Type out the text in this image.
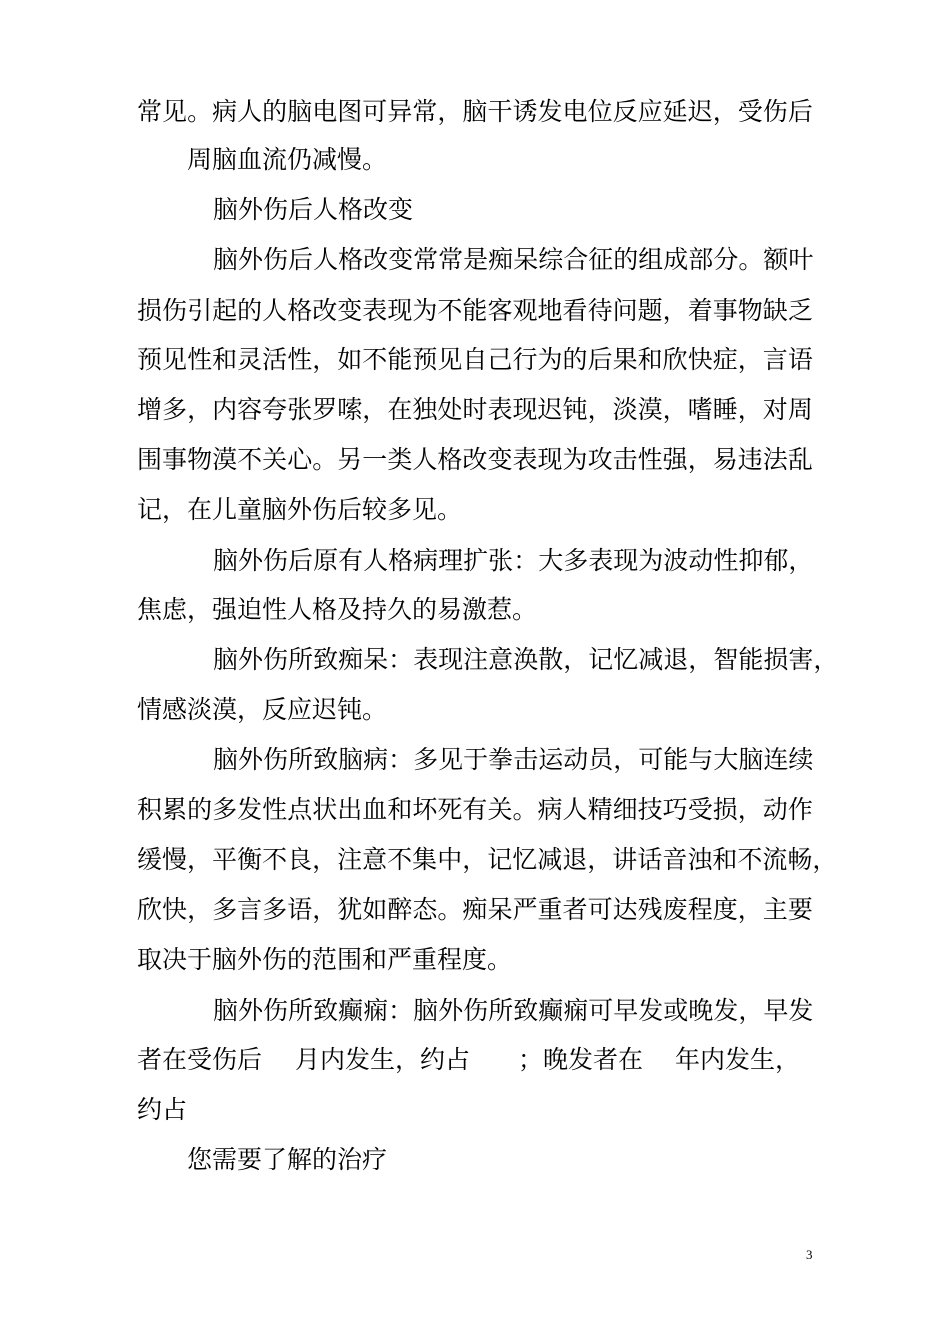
常 见 。 病 人 的 脑 电 图 可 异 常 ， 脑 干 诱 发 电 位 反 应 延 迟 ， 受 伤 后
周脑血流仍减慢。
脑外伤后人格改变
脑 外 伤 后 人 格 改 变 常 常 是 痴 呆 综 合 征 的 组 成 部 分 。 额 叶
损 伤 引 起 的 人 格 改 变 表 现 为 不 能 客 观 地 看 待 问 题 ， 着 事 物 缺 乏
预 见 性 和 灵 活 性 ， 如 不 能 预 见 自 己 行 为 的 后 果 和 欣 快 症 ， 言 语
增 多 ， 内 容 夸 张 罗 嗦 ， 在 独 处 时 表 现 迟 钝 ， 淡 漠 ， 嗜 睡 ， 对 周
围 事 物 漠 不 关 心 。 另 一 类 人 格 改 变 表 现 为 攻 击 性 强 ， 易 违 法 乱
记，在儿童脑外伤后较多见。
脑 外 伤 后 原 有 人 格 病 理 扩 张 ： 大 多 表 现 为 波 动 性 抑 郁 ，
焦虑，强迫性人格及持久的易激惹。
脑 外 伤 所 致 痴 呆 ： 表 现 注 意 涣 散 ， 记 忆 减 退 ， 智 能 损 害 ，
情感淡漠，反应迟钝。
脑 外 伤 所 致 脑 病 ： 多 见 于 拳 击 运 动 员 ， 可 能 与 大 脑 连 续
积 累 的 多 发 性 点 状 出 血 和 坏 死 有 关 。 病 人 精 细 技 巧 受 损 ， 动 作
缓 慢 ， 平 衡 不 良 ， 注 意 不 集 中 ， 记 忆 减 退 ， 讲 话 音 浊 和 不 流 畅 ，
欣 快 ， 多 言 多 语 ， 犹 如 醉 态 。 痴 呆 严 重 者 可 达 残 废 程 度 ， 主 要
取决于脑外伤的范围和严重程度。
脑 外 伤 所 致 癫 痫 ： 脑 外 伤 所 致 癫 痫 可 早 发 或 晚 发 ， 早 发
者在受伤后 月内发生，约占 ；晚发者在 年内发生，
约占
您需要了解的治疗
3
